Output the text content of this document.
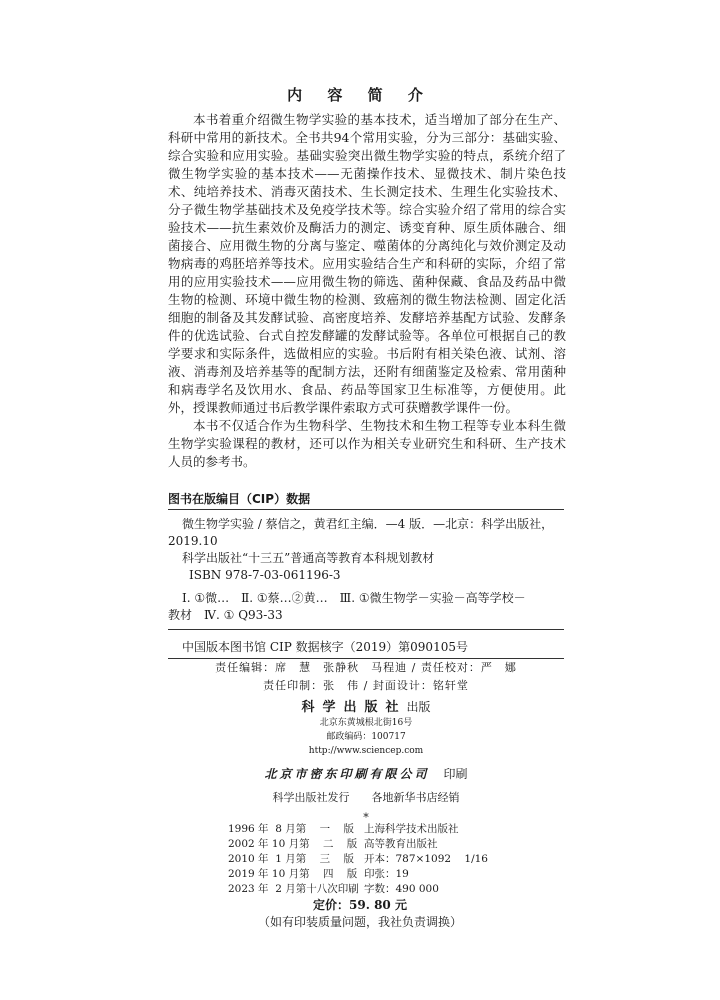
内 容 简 介

本书着重介绍微生物学实验的基本技术，适当增加了部分在生产、科研中常用的新技术。全书共94个常用实验，分为三部分：基础实验、综合实验和应用实验。基础实验突出微生物学实验的特点，系统介绍了微生物学实验的基本技术——无菌操作技术、显微技术、制片染色技术、纯培养技术、消毒灭菌技术、生长测定技术、生理生化实验技术、分子微生物学基础技术及免疫学技术等。综合实验介绍了常用的综合实验技术——抗生素效价及酶活力的测定、诱变育种、原生质体融合、细菌接合、应用微生物的分离与鉴定、噬菌体的分离纯化与效价测定及动物病毒的鸡胚培养等技术。应用实验结合生产和科研的实际，介绍了常用的应用实验技术——应用微生物的筛选、菌种保藏、食品及药品中微生物的检测、环境中微生物的检测、致癌剂的微生物法检测、固定化活细胞的制备及其发酵试验、高密度培养、发酵培养基配方试验、发酵条件的优选试验、台式自控发酵罐的发酵试验等。各单位可根据自己的教学要求和实际条件，选做相应的实验。书后附有相关染色液、试剂、溶液、消毒剂及培养基等的配制方法，还附有细菌鉴定及检索、常用菌种和病毒学名及饮用水、食品、药品等国家卫生标准等，方便使用。此外，授课教师通过书后教学课件索取方式可获赠教学课件一份。

本书不仅适合作为生物科学、生物技术和生物工程等专业本科生微生物学实验课程的教材，还可以作为相关专业研究生和科研、生产技术人员的参考书。

图书在版编目（CIP）数据
微生物学实验 / 蔡信之，黄君红主编．—4 版．—北京：科学出版社，
2019.10
科学出版社“十三五”普通高等教育本科规划教材
ISBN 978-7-03-061196-3
Ⅰ. ①微…　Ⅱ. ①蔡…②黄…　Ⅲ. ①微生物学－实验－高等学校－
教材　Ⅳ. ① Q93-33
中国版本图书馆 CIP 数据核字（2019）第090105号
责任编辑：席　慧　张静秋　马程迪 / 责任校对：严　娜
责任印制：张　伟 / 封面设计：铭轩堂
科学出版社出版
北京东黄城根北街16号
邮政编码：100717
http://www.sciencep.com
北京市密东印刷有限公司 印刷
科学出版社发行　　各地新华书店经销
*
1996 年  8 月第    一    版 上海科学技术出版社
2002 年 10 月第    二    版 高等教育出版社
2010 年  1 月第    三    版 开本：787×1092    1/16
2019 年 10 月第    四    版 印张：19
2023 年  2 月第十八次印刷 字数：490 000
定价：59. 80 元
（如有印装质量问题，我社负责调换）
